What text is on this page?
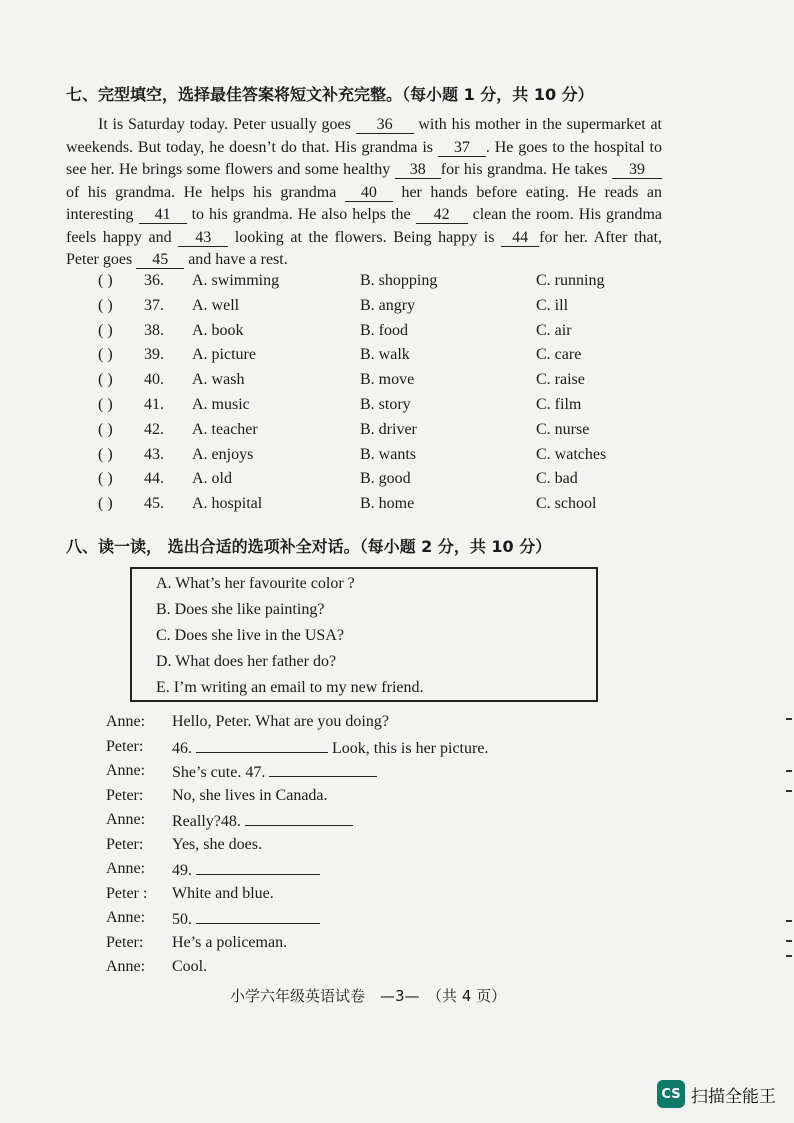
七、完型填空，选择最佳答案将短文补充完整。（每小题 1 分，共 10 分）
It is Saturday today. Peter usually goes 36 with his mother in the supermarket at weekends. But today, he doesn’t do that. His grandma is 37 . He goes to the hospital to see her. He brings some flowers and some healthy 38 for his grandma. He takes 39 of his grandma. He helps his grandma 40 her hands before eating. He reads an interesting 41 to his grandma. He also helps the 42 clean the room. His grandma feels happy and 43 looking at the flowers. Being happy is 44 for her. After that, Peter goes 45 and have a rest.
( ) 36. A. swimming	B. shopping	C. running
( ) 37. A. well	B. angry	C. ill
( ) 38. A. book	B. food	C. air
( ) 39. A. picture	B. walk	C. care
( ) 40. A. wash	B. move	C. raise
( ) 41. A. music	B. story	C. film
( ) 42. A. teacher	B. driver	C. nurse
( ) 43. A. enjoys	B. wants	C. watches
( ) 44. A. old	B. good	C. bad
( ) 45. A. hospital	B. home	C. school
八、读一读， 选出合适的选项补全对话。（每小题 2 分，共 10 分）
A. What’s her favourite color ?
B. Does she like painting?
C. Does she live in the USA?
D. What does her father do?
E. I’m writing an email to my new friend.
Anne: Hello, Peter. What are you doing?
Peter: 46.	Look, this is her picture.
Anne: She’s cute. 47.
Peter: No, she lives in Canada.
Anne: Really?48.
Peter: Yes, she does.
Anne: 49.
Peter : White and blue.
Anne: 50.
Peter: He’s a policeman.
Anne: Cool.
小学六年级英语试卷　—3—　（共 4 页）
CS 扫描全能王
